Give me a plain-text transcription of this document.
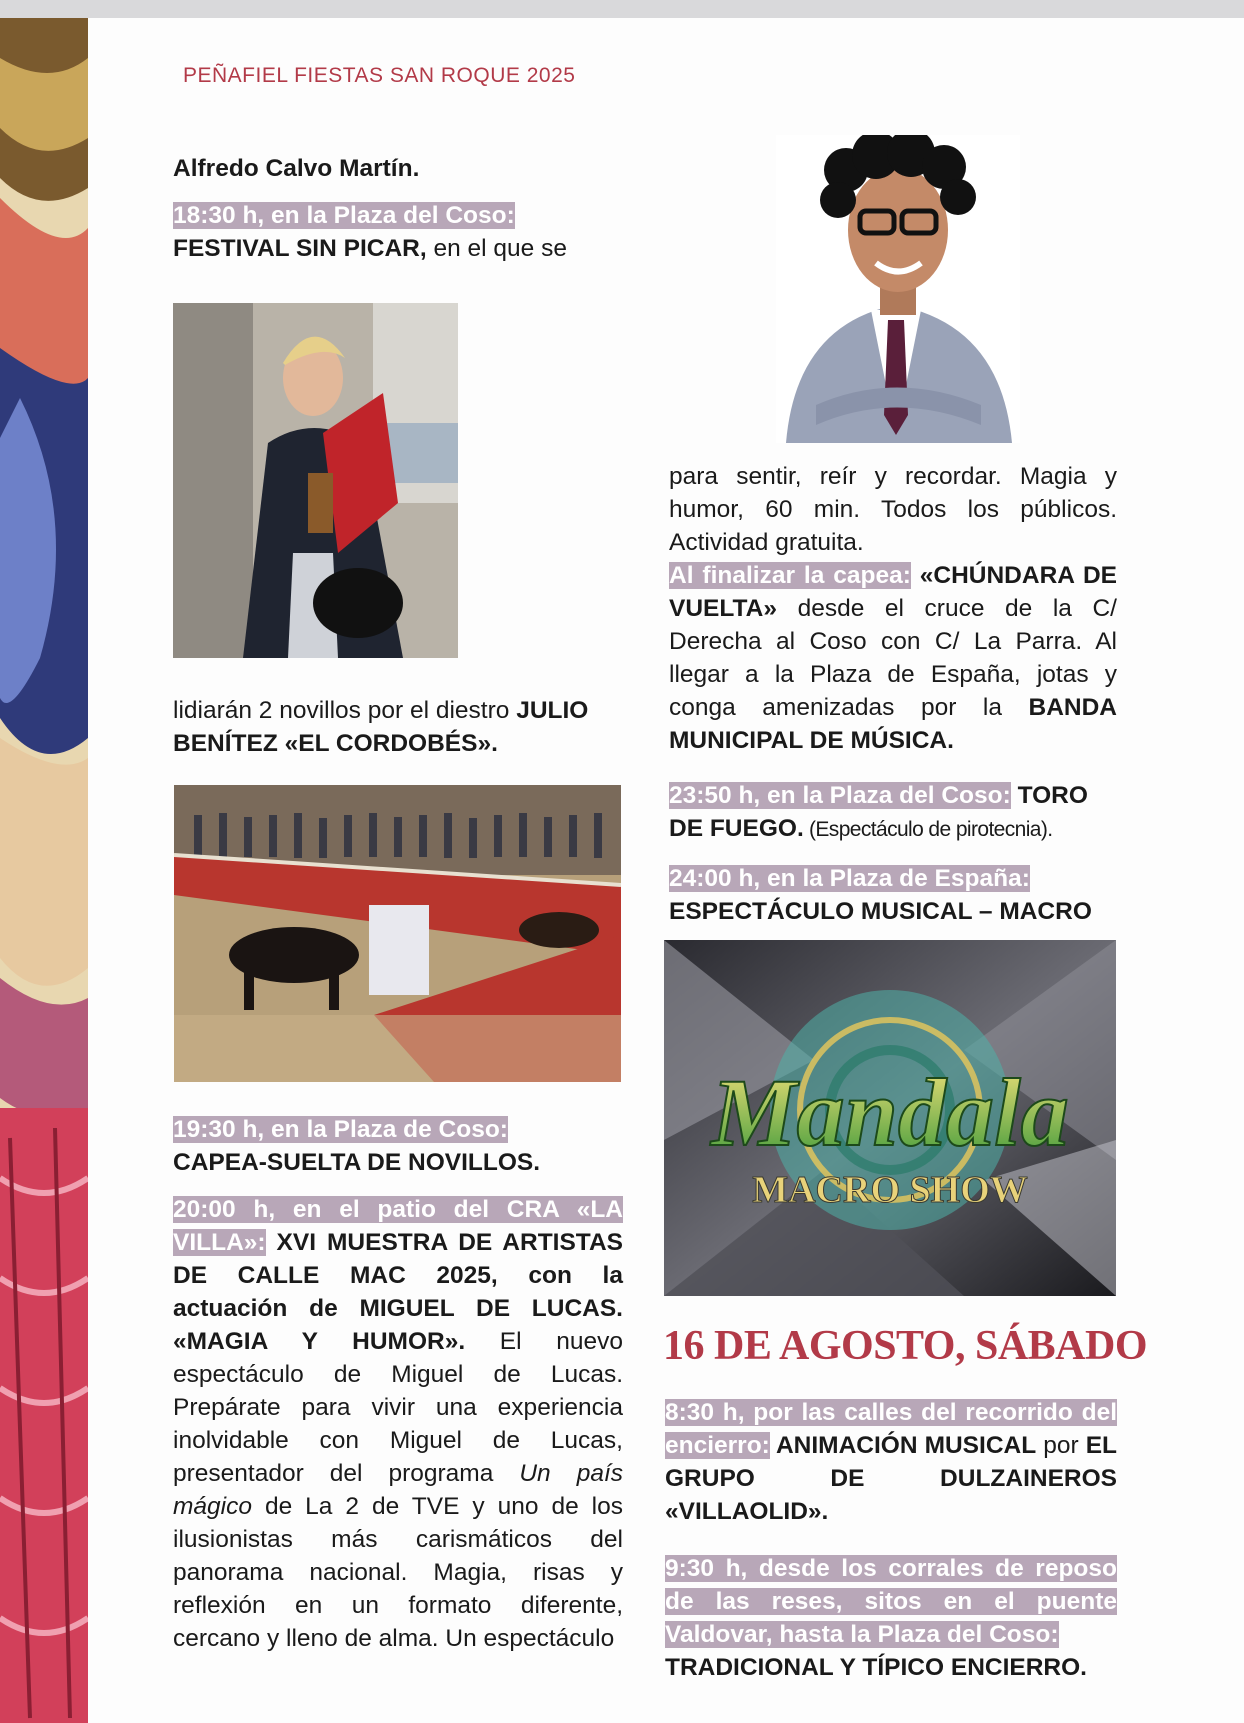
PEÑAFIEL FIESTAS SAN ROQUE 2025

Alfredo Calvo Martín.

18:30 h, en la Plaza del Coso:
FESTIVAL SIN PICAR, en el que se

lidiarán 2 novillos por el diestro JULIO BENÍTEZ «EL CORDOBÉS».

19:30 h, en la Plaza de Coso:
CAPEA-SUELTA DE NOVILLOS.

20:00 h, en el patio del CRA «LA VILLA»: XVI MUESTRA DE ARTISTAS DE CALLE MAC 2025, con la actuación de MIGUEL DE LUCAS. «MAGIA Y HUMOR». El nuevo espectáculo de Miguel de Lucas. Prepárate para vivir una experiencia inolvidable con Miguel de Lucas, presentador del programa Un país mágico de La 2 de TVE y uno de los ilusionistas más carismáticos del panorama nacional. Magia, risas y reflexión en un formato diferente, cercano y lleno de alma. Un espectáculo

para sentir, reír y recordar. Magia y humor, 60 min. Todos los públicos. Actividad gratuita.

Al finalizar la capea: «CHÚNDARA DE VUELTA» desde el cruce de la C/ Derecha al Coso con C/ La Parra. Al llegar a la Plaza de España, jotas y conga amenizadas por la BANDA MUNICIPAL DE MÚSICA.

23:50 h, en la Plaza del Coso: TORO DE FUEGO. (Espectáculo de pirotecnia).

24:00 h, en la Plaza de España:
ESPECTÁCULO MUSICAL – MACRO

Mandala
MACRO SHOW
16 DE AGOSTO, SÁBADO

8:30 h, por las calles del recorrido del encierro: ANIMACIÓN MUSICAL por EL GRUPO DE DULZAINEROS «VILLAOLID».

9:30 h, desde los corrales de reposo de las reses, sitos en el puente Valdovar, hasta la Plaza del Coso:
TRADICIONAL Y TÍPICO ENCIERRO.
